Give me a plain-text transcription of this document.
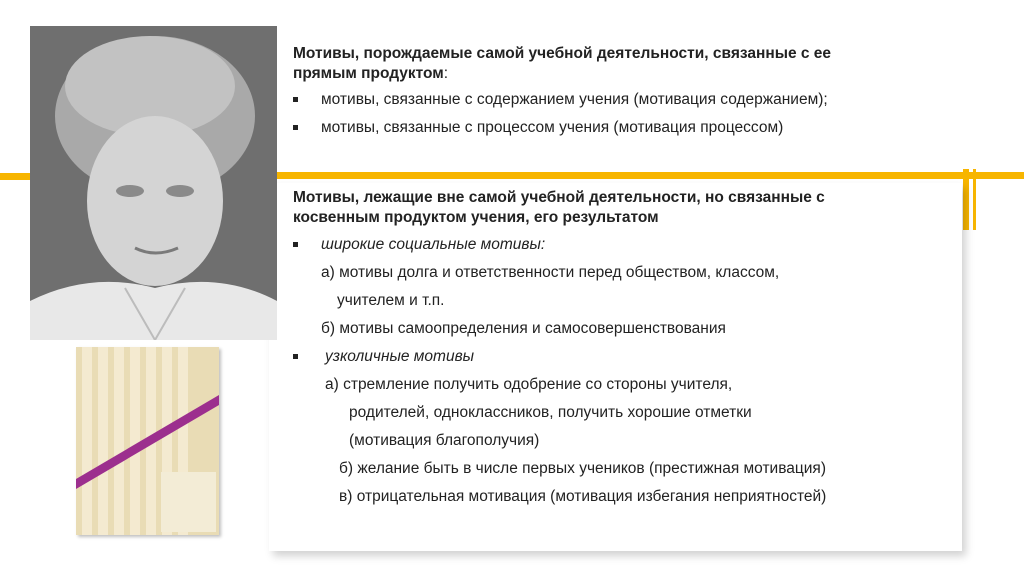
Мотивы, порождаемые самой учебной деятельности, связанные с ее
прямым продуктом:
мотивы, связанные с содержанием учения (мотивация содержанием);
мотивы, связанные с процессом учения (мотивация процессом)
Мотивы, лежащие вне самой учебной деятельности, но связанные с
косвенным продуктом учения, его результатом
широкие социальные мотивы:
а) мотивы долга и ответственности перед обществом, классом,
учителем и т.п.
б) мотивы самоопределения и самосовершенствования
узколичные мотивы
а) стремление получить одобрение со стороны учителя,
родителей, одноклассников, получить хорошие отметки
(мотивация благополучия)
б) желание быть в числе первых учеников (престижная мотивация)
в) отрицательная мотивация (мотивация избегания неприятностей)
